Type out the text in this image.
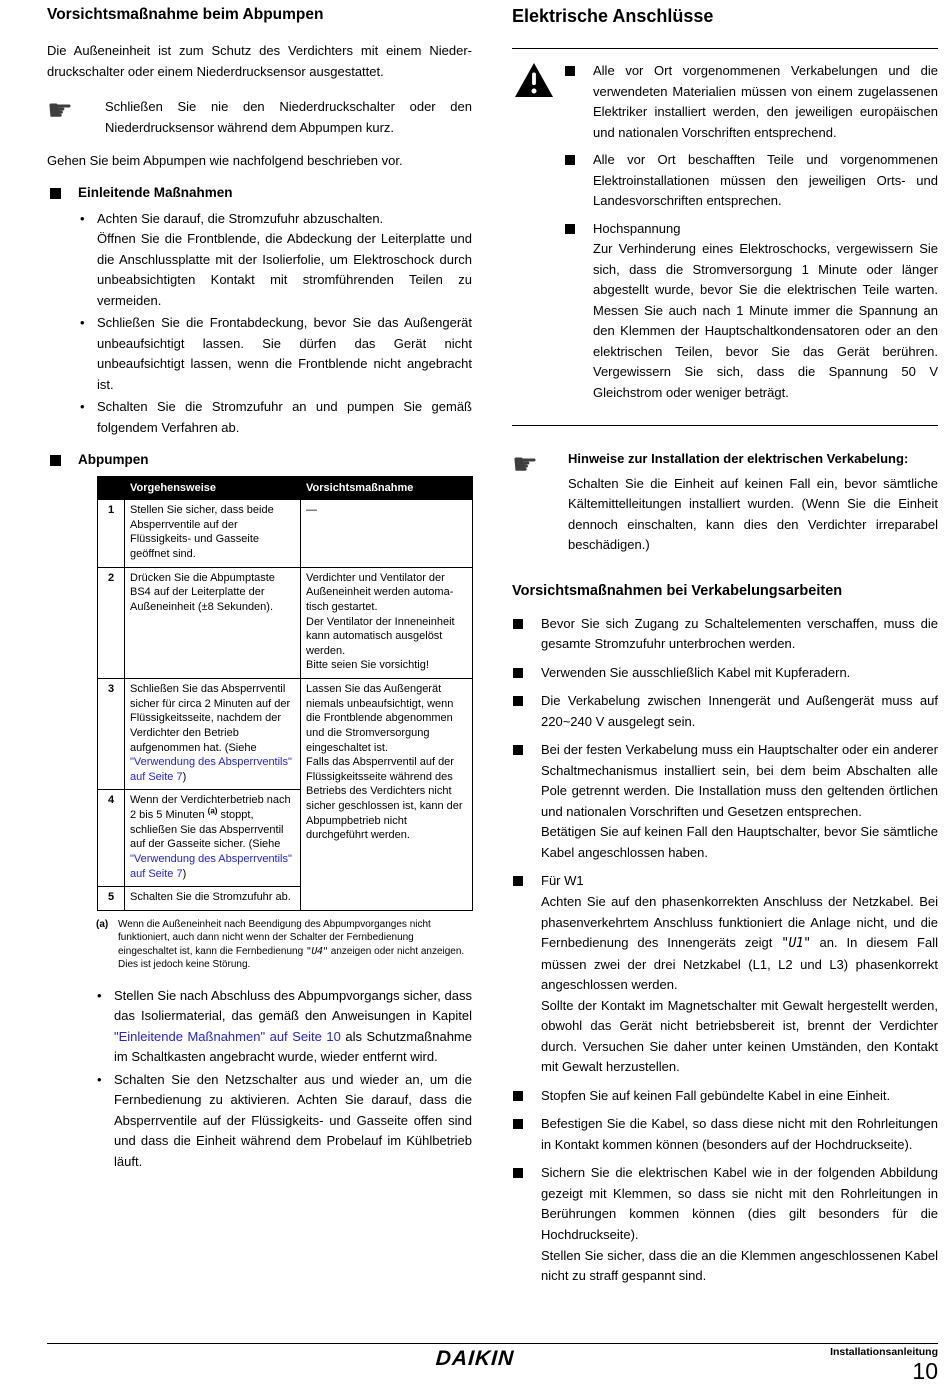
Vorsichtsmaßnahme beim Abpumpen

Die Außeneinheit ist zum Schutz des Verdichters mit einem Niederdruckschalter oder einem Niederdrucksensor ausgestattet.

☛	Schließen Sie nie den Niederdruckschalter oder den Niederdrucksensor während dem Abpumpen kurz.

Gehen Sie beim Abpumpen wie nachfolgend beschrieben vor.

Einleitende Maßnahmen
• Achten Sie darauf, die Stromzufuhr abzuschalten.

Öffnen Sie die Frontblende, die Abdeckung der Leiterplatte und die Anschlussplatte mit der Isolierfolie, um Elektroschock durch unbeabsichtigten Kontakt mit stromführenden Teilen zu vermeiden.

• Schließen Sie die Frontabdeckung, bevor Sie das Außengerät unbeaufsichtigt lassen. Sie dürfen das Gerät nicht unbeaufsichtigt lassen, wenn die Frontblende nicht angebracht ist.

• Schalten Sie die Stromzufuhr an und pumpen Sie gemäß folgendem Verfahren ab.

Abpumpen
	Vorgehensweise	Vorsichtsmaßnahme
1	Stellen Sie sicher, dass beide Absperrventile auf der Flüssigkeits- und Gasseite geöffnet sind.	—
2	Drücken Sie die Abpumptaste BS4 auf der Leiterplatte der Außeneinheit (±8 Sekunden).	Verdichter und Ventilator der Außeneinheit werden automatisch gestartet.

Der Ventilator der Inneneinheit kann automatisch ausgelöst werden.

Bitte seien Sie vorsichtig!

3	Schließen Sie das Absperrventil sicher für circa 2 Minuten auf der Flüssigkeitsseite, nachdem der Verdichter den Betrieb aufgenommen hat. (Siehe "Verwendung des Absperrventils" auf Seite 7)	Lassen Sie das Außengerät niemals unbeaufsichtigt, wenn die Frontblende abgenommen und die Stromversorgung eingeschaltet ist.

Falls das Absperrventil auf der Flüssigkeitsseite während des Betriebs des Verdichters nicht sicher geschlossen ist, kann der Abpumpbetrieb nicht durchgeführt werden.

4	Wenn der Verdichterbetrieb nach 2 bis 5 Minuten $^{(a)}$ stoppt, schließen Sie das Absperrventil auf der Gasseite sicher. (Siehe "Verwendung des Absperrventils" auf Seite 7)	
5	Schalten Sie die Stromzufuhr ab.	
(a) Wenn die Außeneinheit nach Beendigung des Abpumpvorganges nicht funktioniert, auch dann nicht wenn der Schalter der Fernbedienung eingeschaltet ist, kann die Fernbedienung "U4" anzeigen oder nicht anzeigen. Dies ist jedoch keine Störung.
• Stellen Sie nach Abschluss des Abpumpvorgangs sicher, dass das Isoliermaterial, das gemäß den Anweisungen in Kapitel "Einleitende Maßnahmen" auf Seite 10 als Schutzmaßnahme im Schaltkasten angebracht wurde, wieder entfernt wird.

• Schalten Sie den Netzschalter aus und wieder an, um die Fernbedienung zu aktivieren. Achten Sie darauf, dass die Absperrventile auf der Flüssigkeits- und Gasseite offen sind und dass die Einheit während dem Probelauf im Kühlbetrieb läuft.

Elektrische Anschlüsse
Alle vor Ort vorgenommenen Verkabelungen und die verwendeten Materialien müssen von einem zugelassenen Elektriker installiert werden, den jeweiligen europäischen und nationalen Vorschriften entsprechend.
Alle vor Ort beschafften Teile und vorgenommenen Elektroinstallationen müssen den jeweiligen Orts- und Landesvorschriften entsprechen.

Hochspannung

Zur Verhinderung eines Elektroschocks, vergewissern Sie sich, dass die Stromversorgung 1 Minute oder länger abgestellt wurde, bevor Sie die elektrischen Teile warten. Messen Sie auch nach 1 Minute immer die Spannung an den Klemmen der Hauptschaltkondensatoren oder an den elektrischen Teilen, bevor Sie das Gerät berühren. Vergewissern Sie sich, dass die Spannung 50 V Gleichstrom oder weniger beträgt.

☛ Hinweise zur Installation der elektrischen Verkabelung:

Schalten Sie die Einheit auf keinen Fall ein, bevor sämtliche Kältemittelleitungen installiert wurden. (Wenn Sie die Einheit dennoch einschalten, kann dies den Verdichter irreparabel beschädigen.)

Vorsichtsmaßnahmen bei Verkabelungsarbeiten
Bevor Sie sich Zugang zu Schaltelementen verschaffen, muss die gesamte Stromzufuhr unterbrochen werden.
Verwenden Sie ausschließlich Kabel mit Kupferadern.
Die Verkabelung zwischen Innengerät und Außengerät muss auf 220~240 V ausgelegt sein.

Bei der festen Verkabelung muss ein Hauptschalter oder ein anderer Schaltmechanismus installiert sein, bei dem beim Abschalten alle Pole getrennt werden. Die Installation muss den geltenden örtlichen und nationalen Vorschriften und Gesetzen entsprechen.

Betätigen Sie auf keinen Fall den Hauptschalter, bevor Sie sämtliche Kabel angeschlossen haben.

Für W1

Achten Sie auf den phasenkorrekten Anschluss der Netzkabel. Bei phasenverkehrtem Anschluss funktioniert die Anlage nicht, und die Fernbedienung des Innengeräts zeigt "U1" an. In diesem Fall müssen zwei der drei Netzkabel (L1, L2 und L3) phasenkorrekt angeschlossen werden.

Sollte der Kontakt im Magnetschalter mit Gewalt hergestellt werden, obwohl das Gerät nicht betriebsbereit ist, brennt der Verdichter durch. Versuchen Sie daher unter keinen Umständen, den Kontakt mit Gewalt herzustellen.

Stopfen Sie auf keinen Fall gebündelte Kabel in eine Einheit.
Befestigen Sie die Kabel, so dass diese nicht mit den Rohrleitungen in Kontakt kommen können (besonders auf der Hochdruckseite).

Sichern Sie die elektrischen Kabel wie in der folgenden Abbildung gezeigt mit Klemmen, so dass sie nicht mit den Rohrleitungen in Berührungen kommen können (dies gilt besonders für die Hochdruckseite).

Stellen Sie sicher, dass die an die Klemmen angeschlossenen Kabel nicht zu straff gespannt sind.

DAIKIN	Installationsanleitung
10
